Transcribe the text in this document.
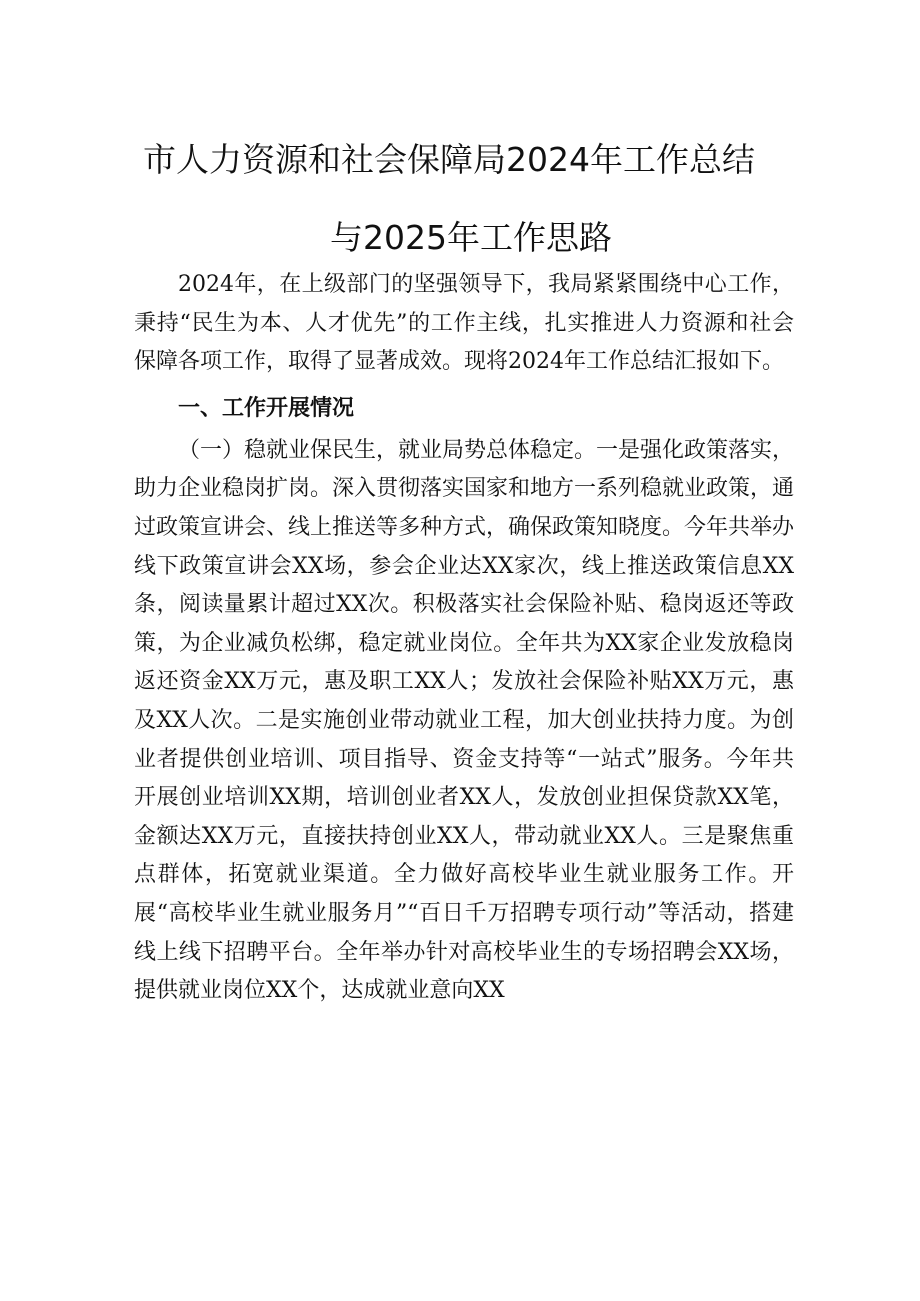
市人力资源和社会保障局2024年工作总结
与2025年工作思路

2024年，在上级部门的坚强领导下，我局紧紧围绕中心工作，秉持“民生为本、人才优先”的工作主线，扎实推进人力资源和社会保障各项工作，取得了显著成效。现将2024年工作总结汇报如下。

一、工作开展情况

（一）稳就业保民生，就业局势总体稳定。一是强化政策落实，助力企业稳岗扩岗。深入贯彻落实国家和地方一系列稳就业政策，通过政策宣讲会、线上推送等多种方式，确保政策知晓度。今年共举办线下政策宣讲会XX场，参会企业达XX家次，线上推送政策信息XX条，阅读量累计超过XX次。积极落实社会保险补贴、稳岗返还等政策，为企业减负松绑，稳定就业岗位。全年共为XX家企业发放稳岗返还资金XX万元，惠及职工XX人；发放社会保险补贴XX万元，惠及XX人次。二是实施创业带动就业工程，加大创业扶持力度。为创业者提供创业培训、项目指导、资金支持等“一站式”服务。今年共开展创业培训XX期，培训创业者XX人，发放创业担保贷款XX笔，金额达XX万元，直接扶持创业XX人，带动就业XX人。三是聚焦重点群体，拓宽就业渠道。全力做好高校毕业生就业服务工作。开展“高校毕业生就业服务月”“百日千万招聘专项行动”等活动，搭建线上线下招聘平台。全年举办针对高校毕业生的专场招聘会XX场，提供就业岗位XX个，达成就业意向XX
